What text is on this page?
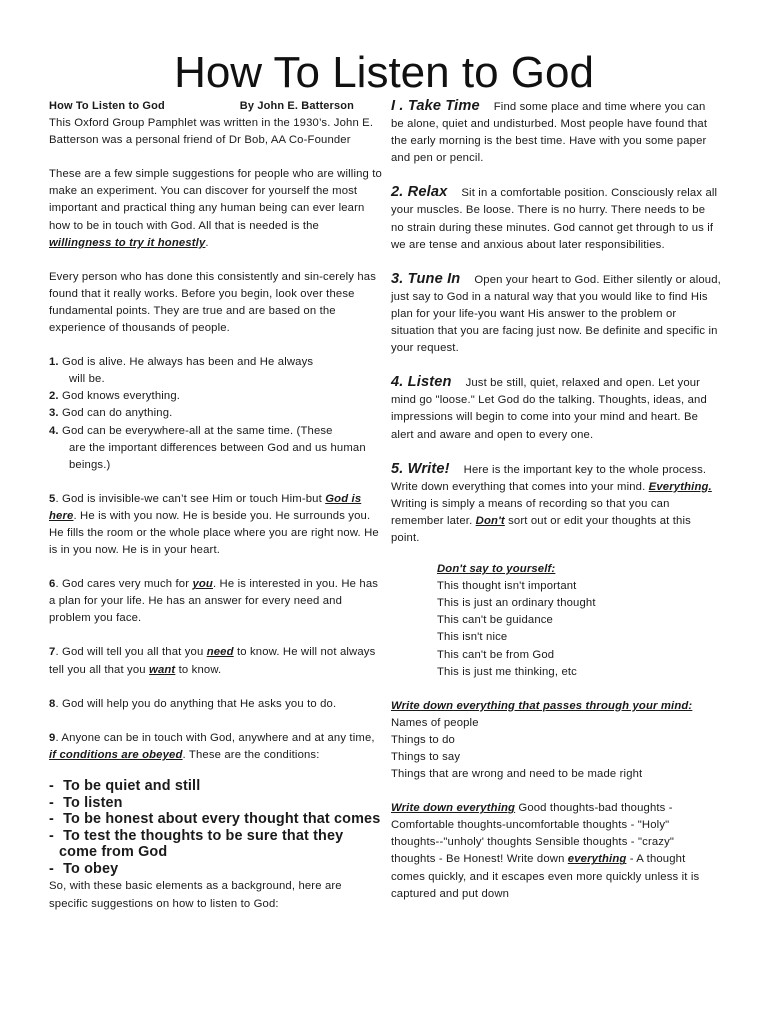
How To Listen to God

How To Listen to God	By John E. Batterson

This Oxford Group Pamphlet was written in the 1930’s. John E. Batterson was a personal friend of Dr Bob, AA Co-Founder

These are a few simple suggestions for people who are willing to make an experiment. You can discover for yourself the most important and practical thing any human being can ever learn how to be in touch with God. All that is needed is the willingness to try it honestly.

Every person who has done this consistently and sin-cerely has found that it really works. Before you begin, look over these fundamental points. They are true and are based on the experience of thousands of people.

1. God is alive. He always has been and He always

will be.

2. God knows everything.

3. God can do anything.

4. God can be everywhere-all at the same time. (These

are the important differences between God and us human

beings.)

5. God is invisible-we can’t see Him or touch Him-but God is here. He is with you now. He is beside you. He surrounds you. He fills the room or the whole place where you are right now. He is in you now. He is in your heart.

6. God cares very much for you. He is interested in you. He has a plan for your life. He has an answer for every need and problem you face.

7. God will tell you all that you need to know. He will not always tell you all that you want to know.

8. God will help you do anything that He asks you to do.

9. Anyone can be in touch with God, anywhere and at any time, if conditions are obeyed. These are the conditions:

- To be quiet and still
- To listen
- To be honest about every thought that comes
- To test the thoughts to be sure that they come from God
- To obey

So, with these basic elements as a background, here are specific suggestions on how to listen to God:

I . Take Time Find some place and time where you can be alone, quiet and undisturbed. Most people have found that the early morning is the best time. Have with you some paper and pen or pencil.

2. Relax Sit in a comfortable position. Consciously relax all your muscles. Be loose. There is no hurry. There needs to be no strain during these minutes. God cannot get through to us if we are tense and anxious about later responsibilities.

3. Tune In Open your heart to God. Either silently or aloud, just say to God in a natural way that you would like to find His plan for your life-you want His answer to the problem or situation that you are facing just now. Be definite and specific in your request.

4. Listen Just be still, quiet, relaxed and open. Let your mind go "loose." Let God do the talking. Thoughts, ideas, and impressions will begin to come into your mind and heart. Be alert and aware and open to every one.

5. Write! Here is the important key to the whole process. Write down everything that comes into your mind. Everything. Writing is simply a means of recording so that you can remember later. Don't sort out or edit your thoughts at this point.

Don't say to yourself:

This thought isn't important

This is just an ordinary thought

This can't be guidance

This isn't nice

This can't be from God

This is just me thinking, etc

Write down everything that passes through your mind:

Names of people

Things to do

Things to say

Things that are wrong and need to be made right

Write down everything Good thoughts-bad thoughts - Comfortable thoughts-uncomfortable thoughts - "Holy" thoughts--"unholy' thoughts Sensible thoughts - "crazy" thoughts - Be Honest! Write down everything - A thought comes quickly, and it escapes even more quickly unless it is captured and put down
